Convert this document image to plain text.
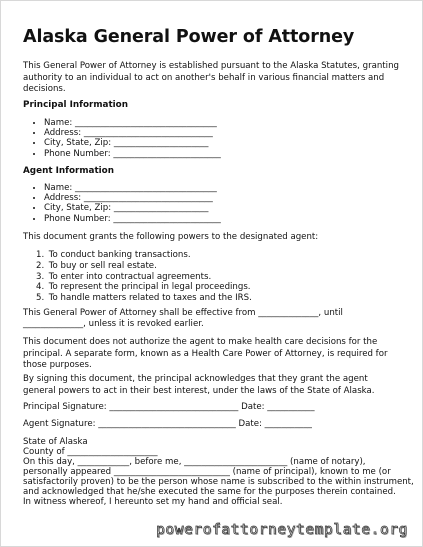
Alaska General Power of Attorney
This General Power of Attorney is established pursuant to the Alaska Statutes, granting authority to an individual to act on another's behalf in various financial matters and decisions.
Principal Information
• Name: _________________________________
• Address: ______________________________
• City, State, Zip: ______________________
• Phone Number: _________________________
Agent Information
• Name: _________________________________
• Address: ______________________________
• City, State, Zip: ______________________
• Phone Number: _________________________
This document grants the following powers to the designated agent:
1. To conduct banking transactions.
2. To buy or sell real estate.
3. To enter into contractual agreements.
4. To represent the principal in legal proceedings.
5. To handle matters related to taxes and the IRS.
This General Power of Attorney shall be effective from ______________, until
______________, unless it is revoked earlier.
This document does not authorize the agent to make health care decisions for the principal. A separate form, known as a Health Care Power of Attorney, is required for those purposes.
By signing this document, the principal acknowledges that they grant the agent general powers to act in their best interest, under the laws of the State of Alaska.
Principal Signature: ______________________________ Date: ___________
Agent Signature: ________________________________ Date: ___________
State of Alaska
County of _____________________
On this day, ____________, before me, ________________________ (name of notary),
personally appeared ___________________________ (name of principal), known to me (or
satisfactorily proven) to be the person whose name is subscribed to the within instrument,
and acknowledged that he/she executed the same for the purposes therein contained.
In witness whereof, I hereunto set my hand and official seal.
powerofattorneytemplate.org
